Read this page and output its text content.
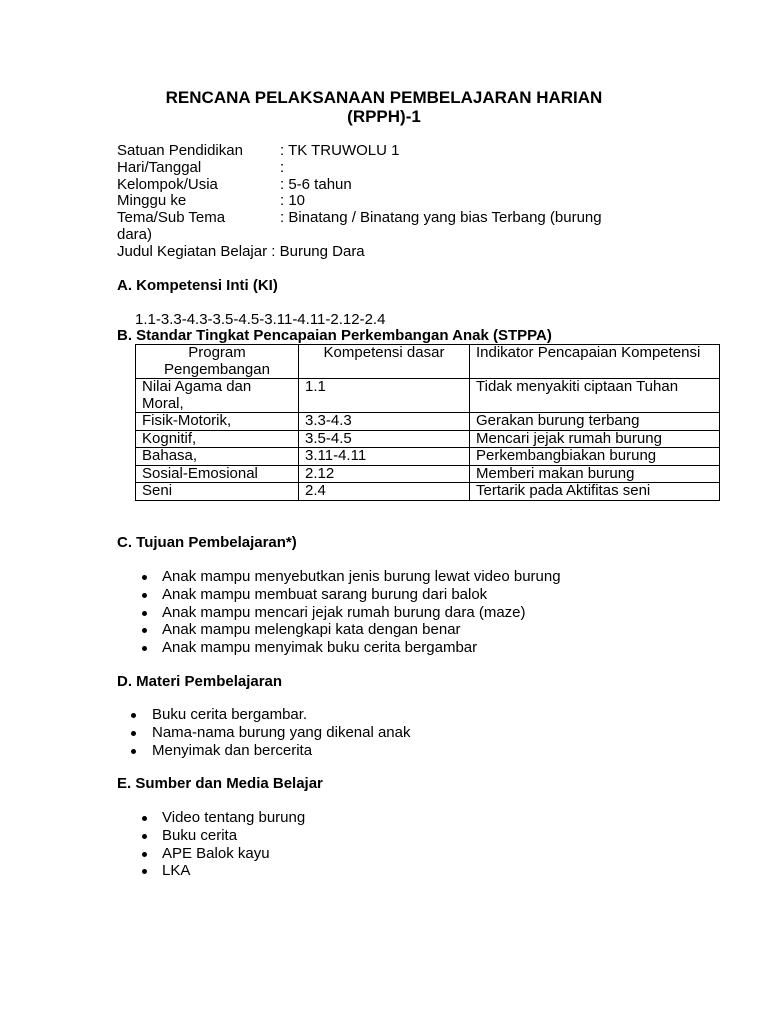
RENCANA PELAKSANAAN PEMBELAJARAN HARIAN
(RPPH)-1
Satuan Pendidikan	: TK TRUWOLU 1
Hari/Tanggal	:
Kelompok/Usia	: 5-6 tahun
Minggu ke	: 10
Tema/Sub Tema	: Binatang / Binatang yang bias Terbang (burung
dara)
Judul Kegiatan Belajar : Burung Dara
A. Kompetensi Inti (KI)
1.1-3.3-4.3-3.5-4.5-3.11-4.11-2.12-2.4
B. Standar Tingkat Pencapaian Perkembangan Anak (STPPA)
Program Pengembangan	Kompetensi dasar	Indikator Pencapaian Kompetensi
Nilai Agama dan Moral,	1.1	Tidak menyakiti ciptaan Tuhan
Fisik-Motorik,	3.3-4.3	Gerakan burung terbang
Kognitif,	3.5-4.5	Mencari jejak rumah burung
Bahasa,	3.11-4.11	Perkembangbiakan burung
Sosial-Emosional	2.12	Memberi makan burung
Seni	2.4	Tertarik pada Aktifitas seni
C. Tujuan Pembelajaran*)
Anak mampu menyebutkan jenis burung lewat video burung
Anak mampu membuat sarang burung dari balok
Anak mampu mencari jejak rumah burung dara (maze)
Anak mampu melengkapi kata dengan benar
Anak mampu menyimak buku cerita bergambar
D. Materi Pembelajaran
Buku cerita bergambar.
Nama-nama burung yang dikenal anak
Menyimak dan bercerita
E. Sumber dan Media Belajar
Video tentang burung
Buku cerita
APE Balok kayu
LKA
